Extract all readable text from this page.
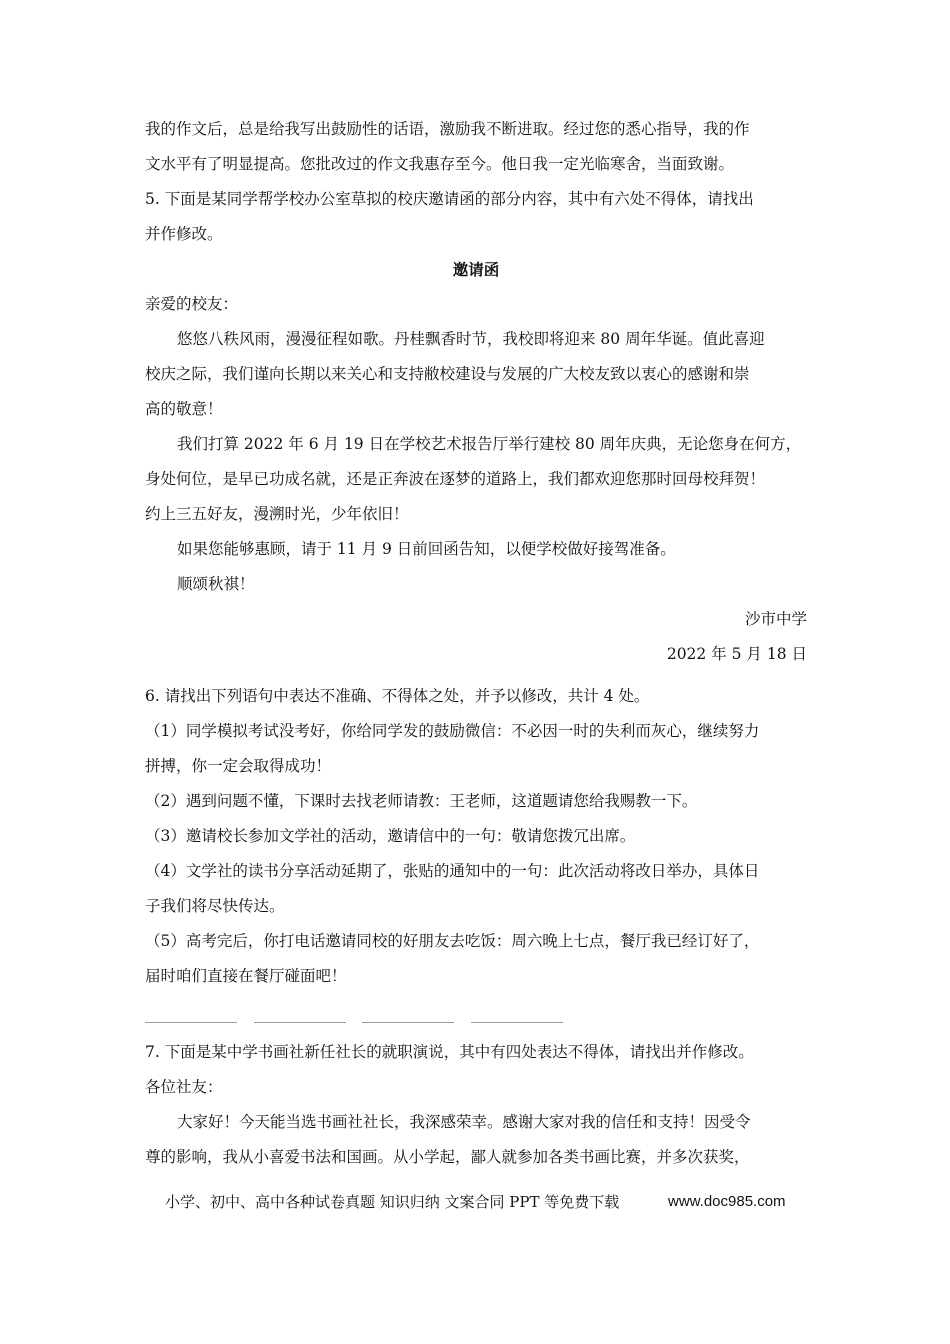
我的作文后，总是给我写出鼓励性的话语，激励我不断进取。经过您的悉心指导，我的作
文水平有了明显提高。您批改过的作文我惠存至今。他日我一定光临寒舍，当面致谢。
5. 下面是某同学帮学校办公室草拟的校庆邀请函的部分内容，其中有六处不得体，请找出
并作修改。
邀请函
亲爱的校友：
悠悠八秩风雨，漫漫征程如歌。丹桂飘香时节，我校即将迎来 80 周年华诞。值此喜迎
校庆之际，我们谨向长期以来关心和支持敝校建设与发展的广大校友致以衷心的感谢和崇
高的敬意！
我们打算 2022 年 6 月 19 日在学校艺术报告厅举行建校 80 周年庆典，无论您身在何方，
身处何位，是早已功成名就，还是正奔波在逐梦的道路上，我们都欢迎您那时回母校拜贺！
约上三五好友，漫溯时光，少年依旧！
如果您能够惠顾，请于 11 月 9 日前回函告知，以便学校做好接驾准备。
顺颂秋祺！
沙市中学
2022 年 5 月 18 日
6. 请找出下列语句中表达不准确、不得体之处，并予以修改，共计 4 处。
（1）同学模拟考试没考好，你给同学发的鼓励微信：不必因一时的失利而灰心，继续努力
拼搏，你一定会取得成功！
（2）遇到问题不懂，下课时去找老师请教：王老师，这道题请您给我赐教一下。
（3）邀请校长参加文学社的活动，邀请信中的一句：敬请您拨冗出席。
（4）文学社的读书分享活动延期了，张贴的通知中的一句：此次活动将改日举办，具体日
子我们将尽快传达。
（5）高考完后，你打电话邀请同校的好朋友去吃饭：周六晚上七点，餐厅我已经订好了，
届时咱们直接在餐厅碰面吧！
7. 下面是某中学书画社新任社长的就职演说，其中有四处表达不得体，请找出并作修改。
各位社友：
大家好！今天能当选书画社社长，我深感荣幸。感谢大家对我的信任和支持！因受令
尊的影响，我从小喜爱书法和国画。从小学起，鄙人就参加各类书画比赛，并多次获奖，
小学、初中、高中各种试卷真题 知识归纳 文案合同 PPT 等免费下载	www.doc985.com
